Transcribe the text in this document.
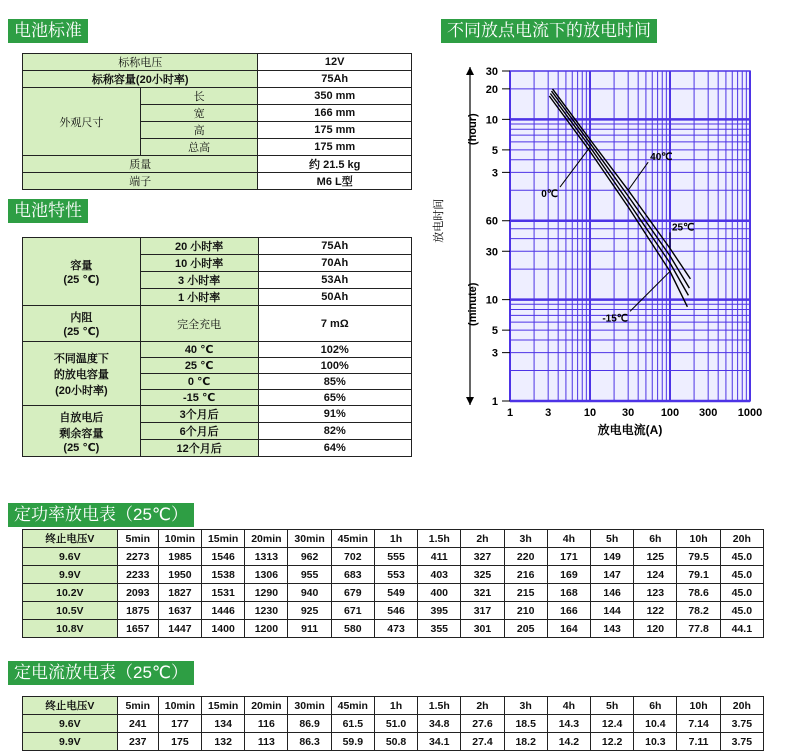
电池标准
电池特性
不同放点电流下的放电时间
定功率放电表（25℃）
定电流放电表（25℃）
标称电压		12V
标称容量(20小时率)		75Ah
外观尺寸	长	350 mm
	宽	166 mm
	高	175 mm
	总高	175 mm
质量		约 21.5 kg
端子		M6 L型
容量
(25 ℃)	20 小时率	75Ah
	10 小时率	70Ah
	3 小时率	53Ah
	1 小时率	50Ah

内阻
(25 ℃)	完全充电	7 mΩ

不同温度下
的放电容量
(20小时率)	40 ℃	102%
	25 ℃	100%
	0 ℃	85%
	-15 ℃	65%

自放电后
剩余容量
(25 ℃)	3个月后	91%
	6个月后	82%
	12个月后	64%
3
5
10
20
30
1
3
5
10
30
60
1	3	10 30 100 300 1000
放电电流(A)
(hour)
(minute)
放电时间
40℃
25℃
0℃
-15℃
终止电压V	5min	10min	15min	20min	30min	45min	1h	1.5h	2h	3h	4h	5h	6h	10h	20h
9.6V	2273	1985	1546	1313	962	702	555	411	327	220	171	149	125	79.5	45.0
9.9V	2233	1950	1538	1306	955	683	553	403	325	216	169	147	124	79.1	45.0
10.2V	2093	1827	1531	1290	940	679	549	400	321	215	168	146	123	78.6	45.0
10.5V	1875	1637	1446	1230	925	671	546	395	317	210	166	144	122	78.2	45.0
10.8V	1657	1447	1400	1200	911	580	473	355	301	205	164	143	120	77.8	44.1
终止电压V	5min	10min	15min	20min	30min	45min	1h	1.5h	2h	3h	4h	5h	6h	10h	20h
9.6V	241	177	134	116	86.9	61.5	51.0	34.8	27.6	18.5	14.3	12.4	10.4	7.14	3.75
9.9V	237	175	132	113	86.3	59.9	50.8	34.1	27.4	18.2	14.2	12.2	10.3	7.11	3.75
